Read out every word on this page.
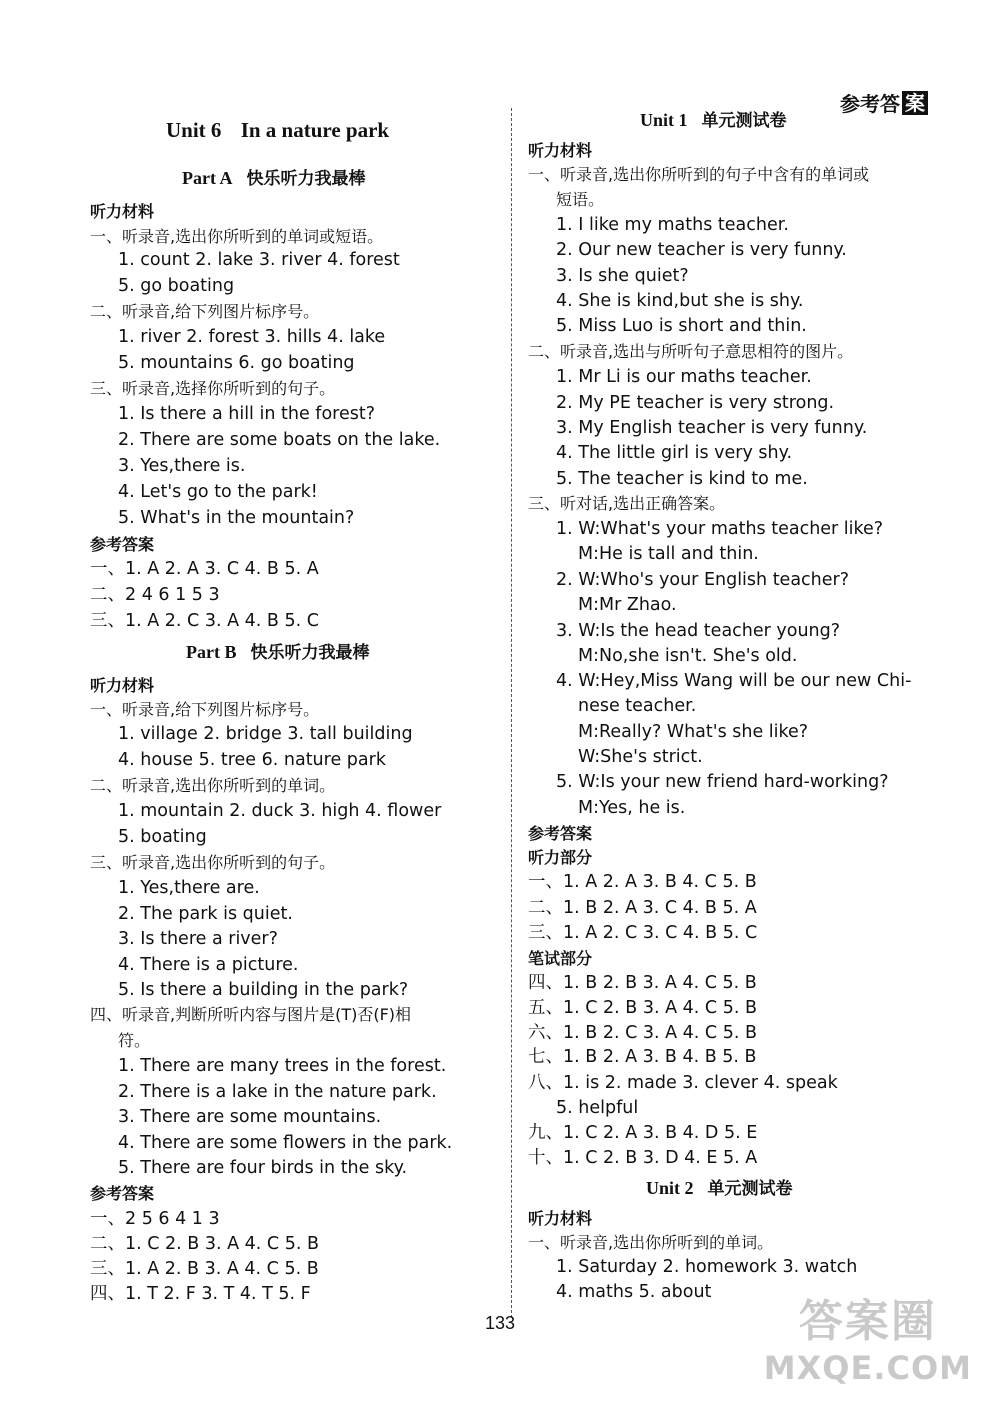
参考答 案
Unit 6 In a nature park
Part A 快乐听力我最棒
听力材料
一、听录音,选出你所听到的单词或短语。
1. count 2. lake 3. river 4. forest
5. go boating
二、听录音,给下列图片标序号。
1. river 2. forest 3. hills 4. lake
5. mountains 6. go boating
三、听录音,选择你所听到的句子。
1. Is there a hill in the forest?
2. There are some boats on the lake.
3. Yes,there is.
4. Let's go to the park!
5. What's in the mountain?
参考答案
一、1. A 2. A 3. C 4. B 5. A
二、2 4 6 1 5 3
三、1. A 2. C 3. A 4. B 5. C
Part B 快乐听力我最棒
听力材料
一、听录音,给下列图片标序号。
1. village 2. bridge 3. tall building
4. house 5. tree 6. nature park
二、听录音,选出你所听到的单词。
1. mountain 2. duck 3. high 4. flower
5. boating
三、听录音,选出你所听到的句子。
1. Yes,there are.
2. The park is quiet.
3. Is there a river?
4. There is a picture.
5. Is there a building in the park?
四、听录音,判断所听内容与图片是(T)否(F)相
符。
1. There are many trees in the forest.
2. There is a lake in the nature park.
3. There are some mountains.
4. There are some flowers in the park.
5. There are four birds in the sky.
参考答案
一、2 5 6 4 1 3
二、1. C 2. B 3. A 4. C 5. B
三、1. A 2. B 3. A 4. C 5. B
四、1. T 2. F 3. T 4. T 5. F
Unit 1 单元测试卷
听力材料
一、听录音,选出你所听到的句子中含有的单词或
短语。
1. I like my maths teacher.
2. Our new teacher is very funny.
3. Is she quiet?
4. She is kind,but she is shy.
5. Miss Luo is short and thin.
二、听录音,选出与所听句子意思相符的图片。
1. Mr Li is our maths teacher.
2. My PE teacher is very strong.
3. My English teacher is very funny.
4. The little girl is very shy.
5. The teacher is kind to me.
三、听对话,选出正确答案。
1. W:What's your maths teacher like?
M:He is tall and thin.
2. W:Who's your English teacher?
M:Mr Zhao.
3. W:Is the head teacher young?
M:No,she isn't. She's old.
4. W:Hey,Miss Wang will be our new Chi-
nese teacher.
M:Really? What's she like?
W:She's strict.
5. W:Is your new friend hard-working?
M:Yes, he is.
参考答案
听力部分
一、1. A 2. A 3. B 4. C 5. B
二、1. B 2. A 3. C 4. B 5. A
三、1. A 2. C 3. C 4. B 5. C
笔试部分
四、1. B 2. B 3. A 4. C 5. B
五、1. C 2. B 3. A 4. C 5. B
六、1. B 2. C 3. A 4. C 5. B
七、1. B 2. A 3. B 4. B 5. B
八、1. is 2. made 3. clever 4. speak
5. helpful
九、1. C 2. A 3. B 4. D 5. E
十、1. C 2. B 3. D 4. E 5. A
Unit 2 单元测试卷
听力材料
一、听录音,选出你所听到的单词。
1. Saturday 2. homework 3. watch
4. maths 5. about
133	答案圈
MXQE.COM
